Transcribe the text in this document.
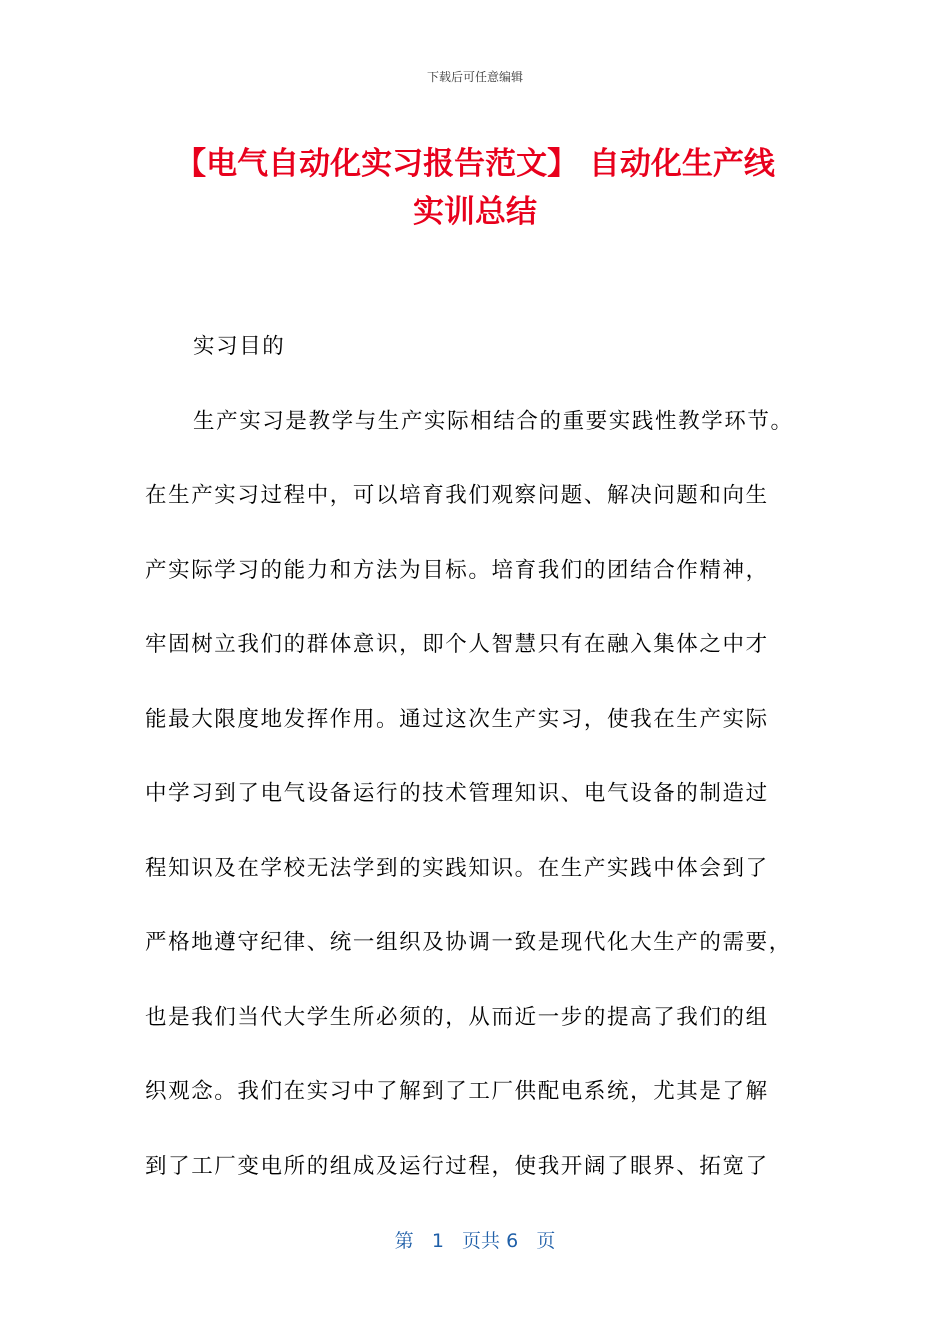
下载后可任意编辑
【电气自动化实习报告范文】 自动化生产线
实训总结
实习目的
生产实习是教学与生产实际相结合的重要实践性教学环节。
在生产实习过程中，可以培育我们观察问题、解决问题和向生
产实际学习的能力和方法为目标。培育我们的团结合作精神，
牢固树立我们的群体意识，即个人智慧只有在融入集体之中才
能最大限度地发挥作用。通过这次生产实习，使我在生产实际
中学习到了电气设备运行的技术管理知识、电气设备的制造过
程知识及在学校无法学到的实践知识。在生产实践中体会到了
严格地遵守纪律、统一组织及协调一致是现代化大生产的需要，
也是我们当代大学生所必须的，从而近一步的提高了我们的组
织观念。我们在实习中了解到了工厂供配电系统，尤其是了解
到了工厂变电所的组成及运行过程，使我开阔了眼界、拓宽了
第 1 页共 6 页
